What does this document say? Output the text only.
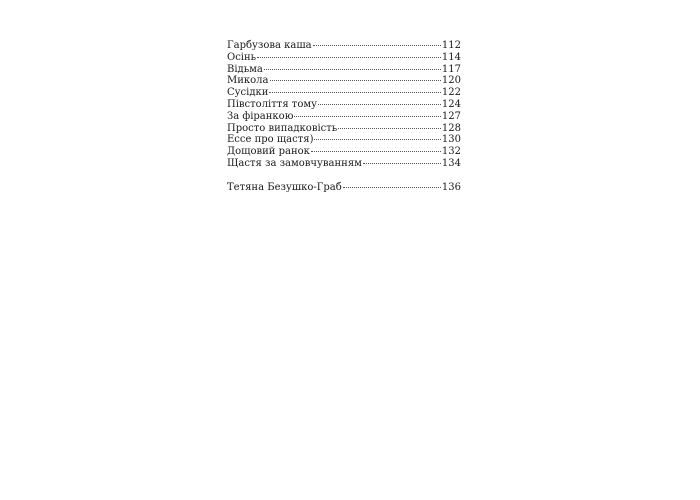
Гарбузова каша	112
Осінь	114
Відьма	117
Микола	120
Сусідки	122
Півстоліття тому	124
За фіранкою	127
Просто випадковість	128
Ессе про щастя)	130
Дощовий ранок	132
Щастя за замовчуванням	134
Тетяна Безушко-Граб	136
